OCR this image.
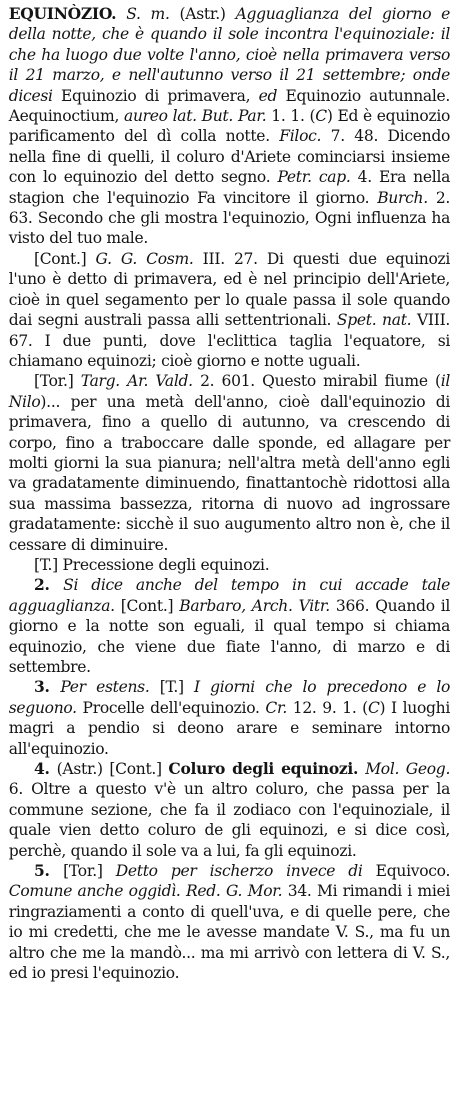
EQUINÒZIO. S. m. (Astr.) Agguaglianza del giorno e della notte, che è quando il sole incontra l'equinoziale: il che ha luogo due volte l'anno, cioè nella primavera verso il 21 marzo, e nell'autunno verso il 21 settembre; onde dicesi Equinozio di primavera, ed Equinozio autunnale. Aequinoctium, aureo lat. But. Par. 1. 1. (C) Ed è equinozio parificamento del dì colla notte. Filoc. 7. 48. Dicendo nella fine di quelli, il coluro d'Ariete cominciarsi insieme con lo equinozio del detto segno. Petr. cap. 4. Era nella stagion che l'equinozio Fa vincitore il giorno. Burch. 2. 63. Secondo che gli mostra l'equinozio, Ogni influenza ha visto del tuo male.

[Cont.] G. G. Cosm. III. 27. Di questi due equinozi l'uno è detto di primavera, ed è nel principio dell'Ariete, cioè in quel segamento per lo quale passa il sole quando dai segni australi passa alli settentrionali. Spet. nat. VIII. 67. I due punti, dove l'eclittica taglia l'equatore, si chiamano equinozi; cioè giorno e notte uguali.

[Tor.] Targ. Ar. Vald. 2. 601. Questo mirabil fiume (il Nilo)... per una metà dell'anno, cioè dall'equinozio di primavera, fino a quello di autunno, va crescendo di corpo, fino a traboccare dalle sponde, ed allagare per molti giorni la sua pianura; nell'altra metà dell'anno egli va gradatamente diminuendo, finattantochè ridottosi alla sua massima bassezza, ritorna di nuovo ad ingrossare gradatamente: sicchè il suo augumento altro non è, che il cessare di diminuire.

[T.] Precessione degli equinozi.

2. Si dice anche del tempo in cui accade tale agguaglianza. [Cont.] Barbaro, Arch. Vitr. 366. Quando il giorno e la notte son eguali, il qual tempo si chiama equinozio, che viene due fiate l'anno, di marzo e di settembre.

3. Per estens. [T.] I giorni che lo precedono e lo seguono. Procelle dell'equinozio. Cr. 12. 9. 1. (C) I luoghi magri a pendio si deono arare e seminare intorno all'equinozio.

4. (Astr.) [Cont.] Coluro degli equinozi. Mol. Geog. 6. Oltre a questo v'è un altro coluro, che passa per la commune sezione, che fa il zodiaco con l'equinoziale, il quale vien detto coluro de gli equinozi, e si dice così, perchè, quando il sole va a lui, fa gli equinozi.

5. [Tor.] Detto per ischerzo invece di Equivoco. Comune anche oggidì. Red. G. Mor. 34. Mi rimandi i miei ringraziamenti a conto di quell'uva, e di quelle pere, che io mi credetti, che me le avesse mandate V. S., ma fu un altro che me la mandò... ma mi arrivò con lettera di V. S., ed io presi l'equinozio.
